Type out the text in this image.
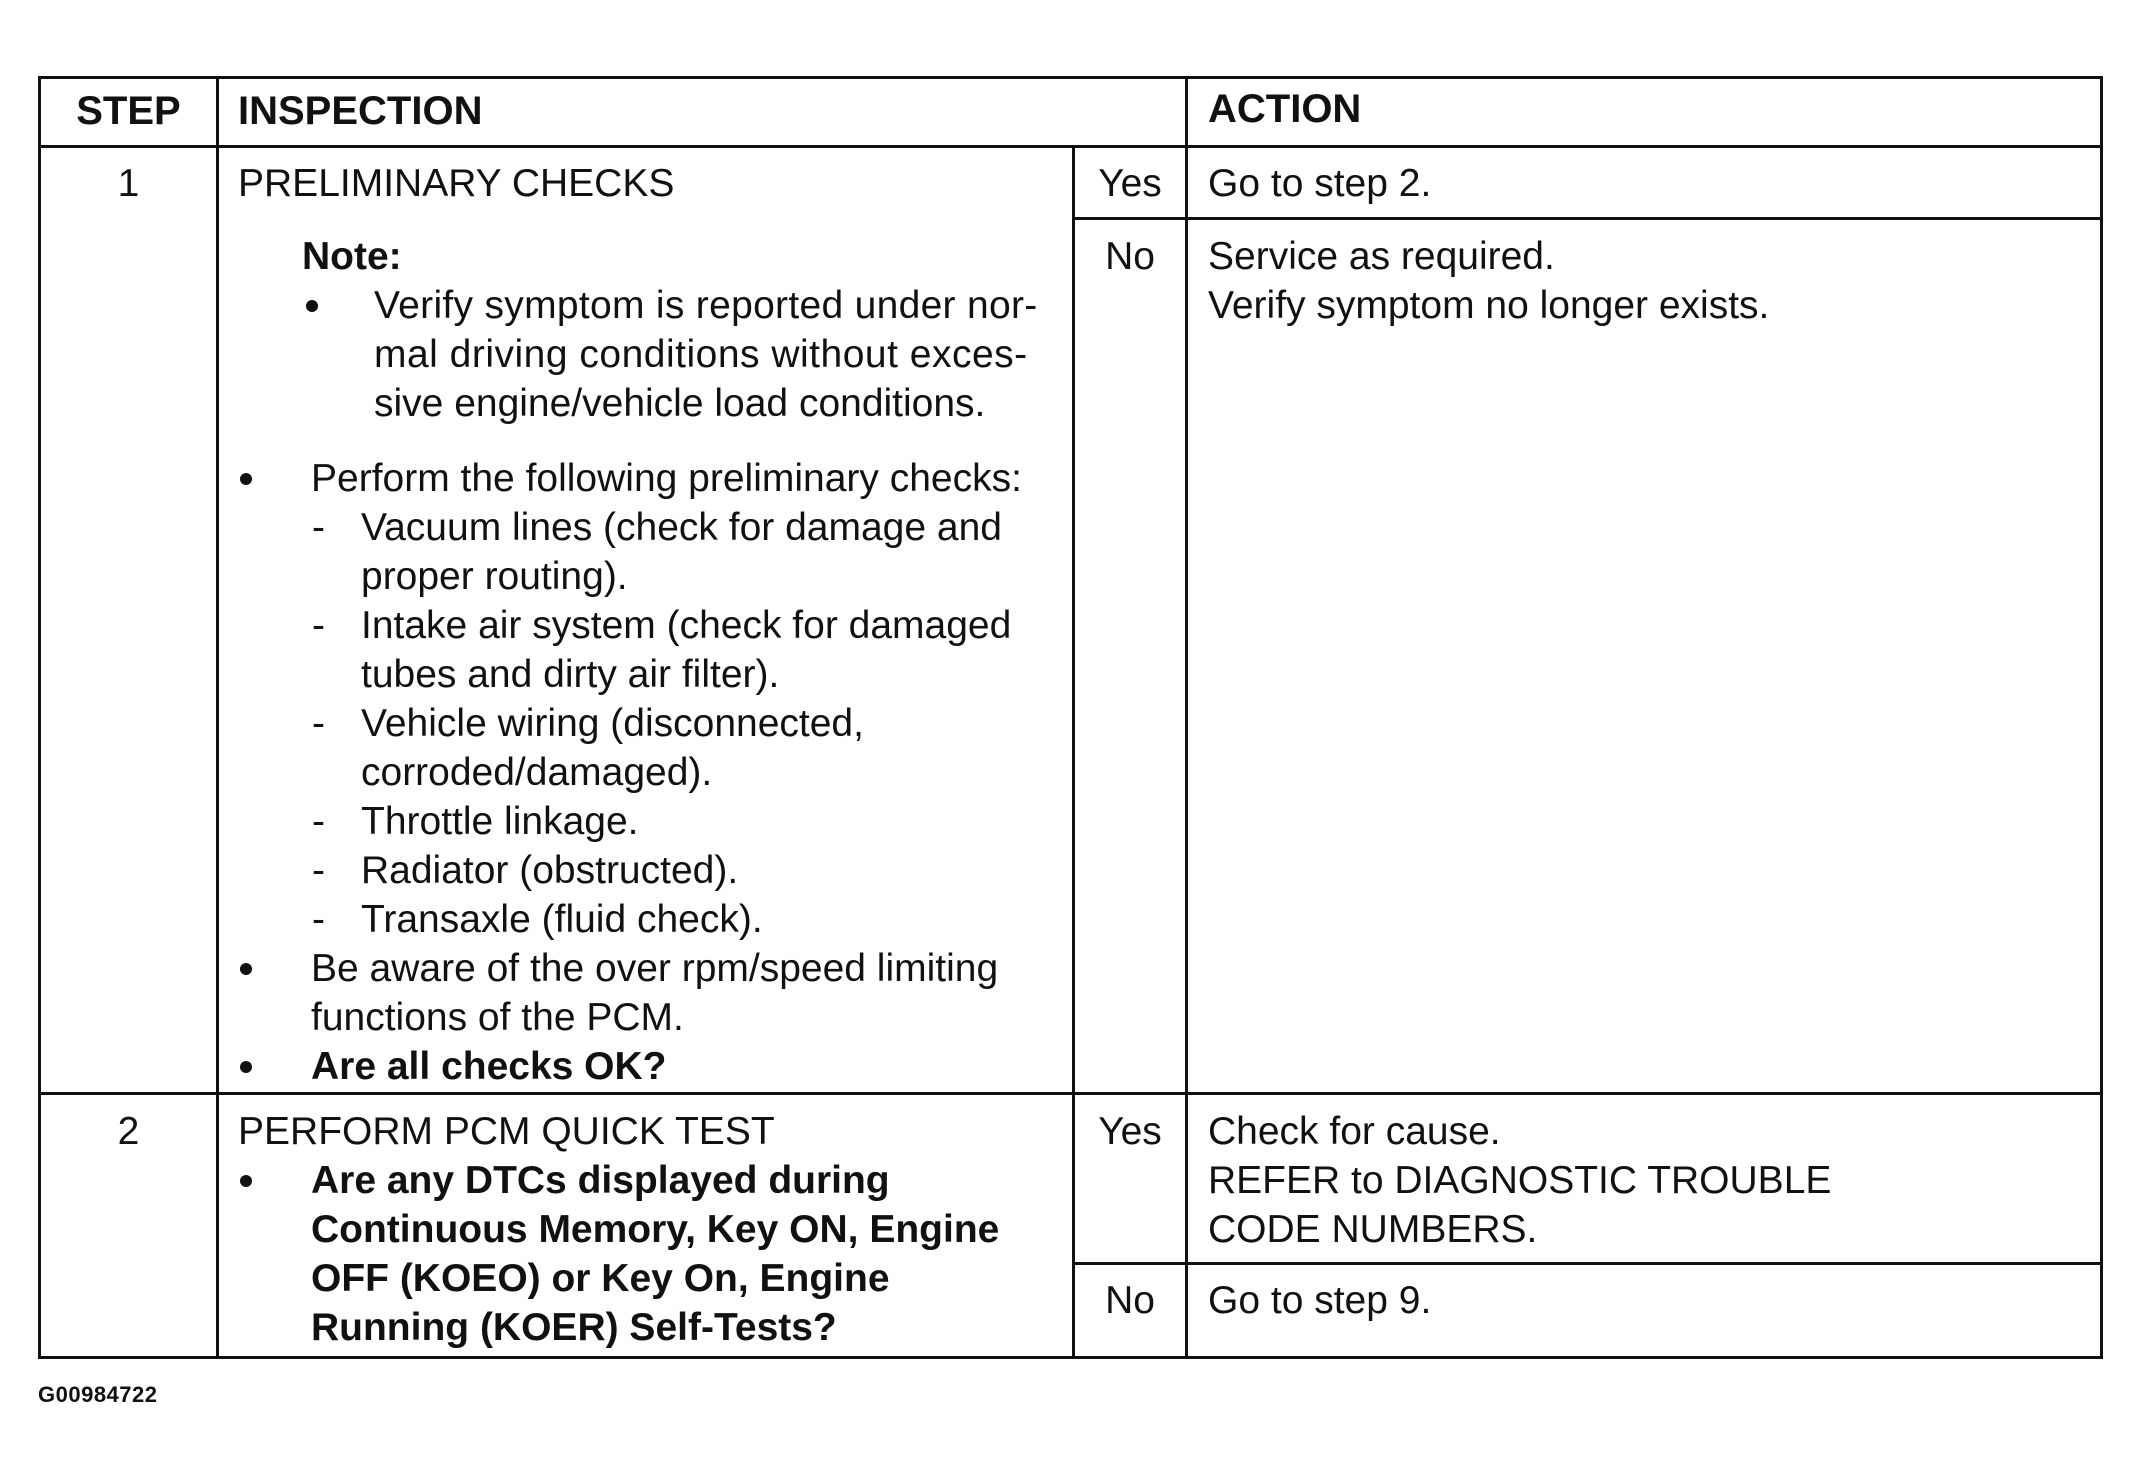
STEP	INSPECTION	ACTION
1	PRELIMINARY CHECKS
Note:
Verify symptom is reported under nor-
mal driving conditions without exces-
sive engine/vehicle load conditions.
Perform the following preliminary checks:
- Vacuum lines (check for damage and
proper routing).
- Intake air system (check for damaged
tubes and dirty air filter).
- Vehicle wiring (disconnected,
corroded/damaged).
- Throttle linkage.
- Radiator (obstructed).
- Transaxle (fluid check).
Be aware of the over rpm/speed limiting
functions of the PCM.
Are all checks OK?
Yes	Go to step 2.
No	Service as required.
Verify symptom no longer exists.
2	PERFORM PCM QUICK TEST
Are any DTCs displayed during
Continuous Memory, Key ON, Engine
OFF (KOEO) or Key On, Engine
Running (KOER) Self-Tests?
Yes	Check for cause.
REFER to DIAGNOSTIC TROUBLE
CODE NUMBERS.
No	Go to step 9.
G00984722
